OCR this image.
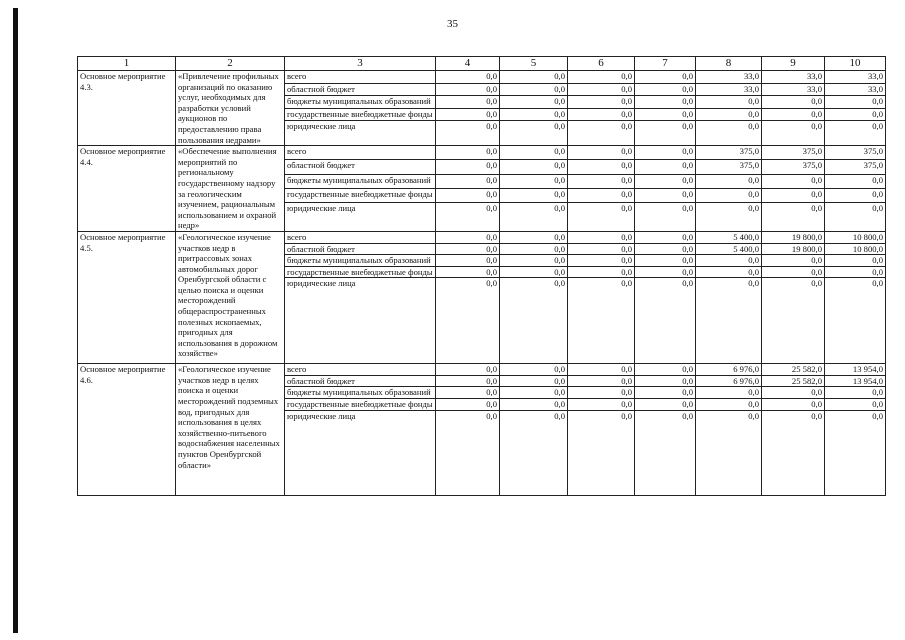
35
1	2	3	4	5	6	7	8	9	10
Основное мероприятие 4.3.	«Привлечение профильных организаций по оказанию услуг, необходимых для разработки условий аукционов по предоставлению права пользования недрами»	всего	0,0	0,0	0,0	0,0	33,0	33,0	33,0
		областной бюджет	0,0	0,0	0,0	0,0	33,0	33,0	33,0
		бюджеты муниципальных образований	0,0	0,0	0,0	0,0	0,0	0,0	0,0
		государственные внебюджетные фонды	0,0	0,0	0,0	0,0	0,0	0,0	0,0
		юридические лица	0,0	0,0	0,0	0,0	0,0	0,0	0,0
Основное мероприятие 4.4.	«Обеспечение выполнения мероприятий по региональному государственному надзору за геологическим изучением, рациональным использованием и охраной недр»	всего	0,0	0,0	0,0	0,0	375,0	375,0	375,0
		областной бюджет	0,0	0,0	0,0	0,0	375,0	375,0	375,0
		бюджеты муниципальных образований	0,0	0,0	0,0	0,0	0,0	0,0	0,0
		государственные внебюджетные фонды	0,0	0,0	0,0	0,0	0,0	0,0	0,0
		юридические лица	0,0	0,0	0,0	0,0	0,0	0,0	0,0
Основное мероприятие 4.5.	«Геологическое изучение участков недр в притрассовых зонах автомобильных дорог Оренбургской области с целью поиска и оценки месторождений общераспространенных полезных ископаемых, пригодных для использования в дорожном хозяйстве»	всего	0,0	0,0	0,0	0,0	5 400,0	19 800,0	10 800,0
		областной бюджет	0,0	0,0	0,0	0,0	5 400,0	19 800,0	10 800,0
		бюджеты муниципальных образований	0,0	0,0	0,0	0,0	0,0	0,0	0,0
		государственные внебюджетные фонды	0,0	0,0	0,0	0,0	0,0	0,0	0,0
		юридические лица	0,0	0,0	0,0	0,0	0,0	0,0	0,0
Основное мероприятие 4.6.	«Геологическое изучение участков недр в целях поиска и оценки месторождений подземных вод, пригодных для использования в целях хозяйственно-питьевого водоснабжения населенных пунктов Оренбургской области»	всего	0,0	0,0	0,0	0,0	6 976,0	25 582,0	13 954,0
		областной бюджет	0,0	0,0	0,0	0,0	6 976,0	25 582,0	13 954,0
		бюджеты муниципальных образований	0,0	0,0	0,0	0,0	0,0	0,0	0,0
		государственные внебюджетные фонды	0,0	0,0	0,0	0,0	0,0	0,0	0,0
		юридические лица	0,0	0,0	0,0	0,0	0,0	0,0	0,0
